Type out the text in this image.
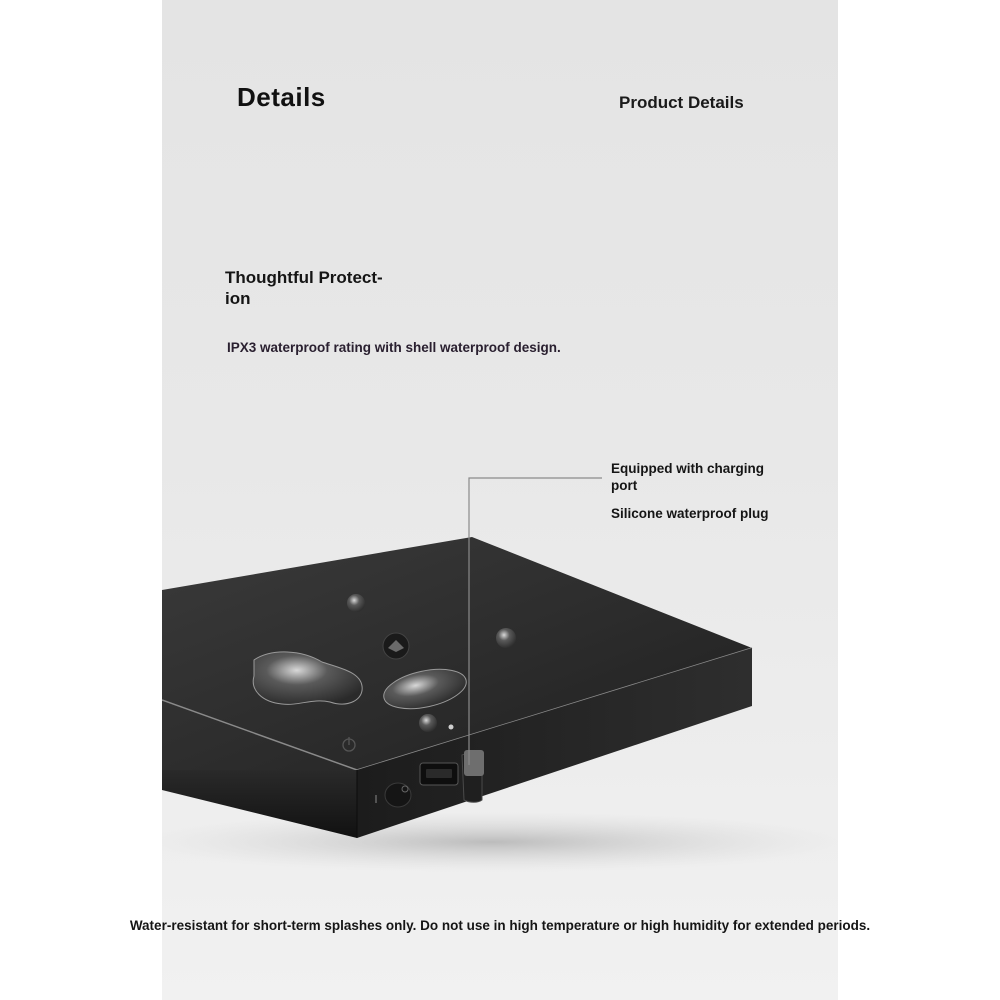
Details	Product Details
Thoughtful Protect-
ion
IPX3 waterproof rating with shell waterproof design.
Equipped with charging port
Silicone waterproof plug
Water-resistant for short-term splashes only. Do not use in high temperature or high humidity for extended periods.
